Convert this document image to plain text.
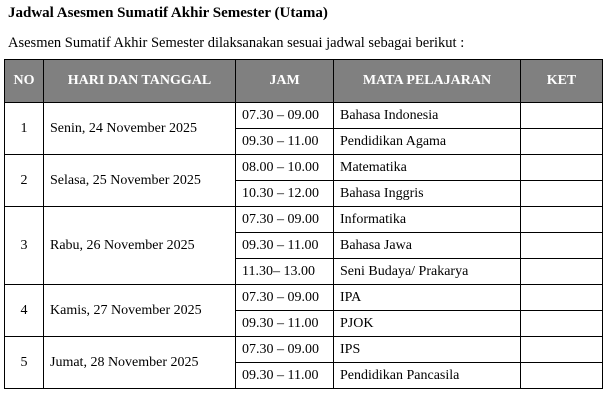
Jadwal Asesmen Sumatif Akhir Semester (Utama)
Asesmen Sumatif Akhir Semester dilaksanakan sesuai jadwal sebagai berikut :
NO	HARI DAN TANGGAL	JAM	MATA PELAJARAN	KET
1	Senin, 24 November 2025	07.30 – 09.00	Bahasa Indonesia	
		09.30 – 11.00	Pendidikan Agama	
2	Selasa, 25 November 2025	08.00 – 10.00	Matematika	
		10.30 – 12.00	Bahasa Inggris	
3	Rabu, 26 November 2025	07.30 – 09.00	Informatika	
		09.30 – 11.00	Bahasa Jawa	
		11.30– 13.00	Seni Budaya/ Prakarya	
4	Kamis, 27 November 2025	07.30 – 09.00	IPA	
		09.30 – 11.00	PJOK	
5	Jumat, 28 November 2025	07.30 – 09.00	IPS	
		09.30 – 11.00	Pendidikan Pancasila	
